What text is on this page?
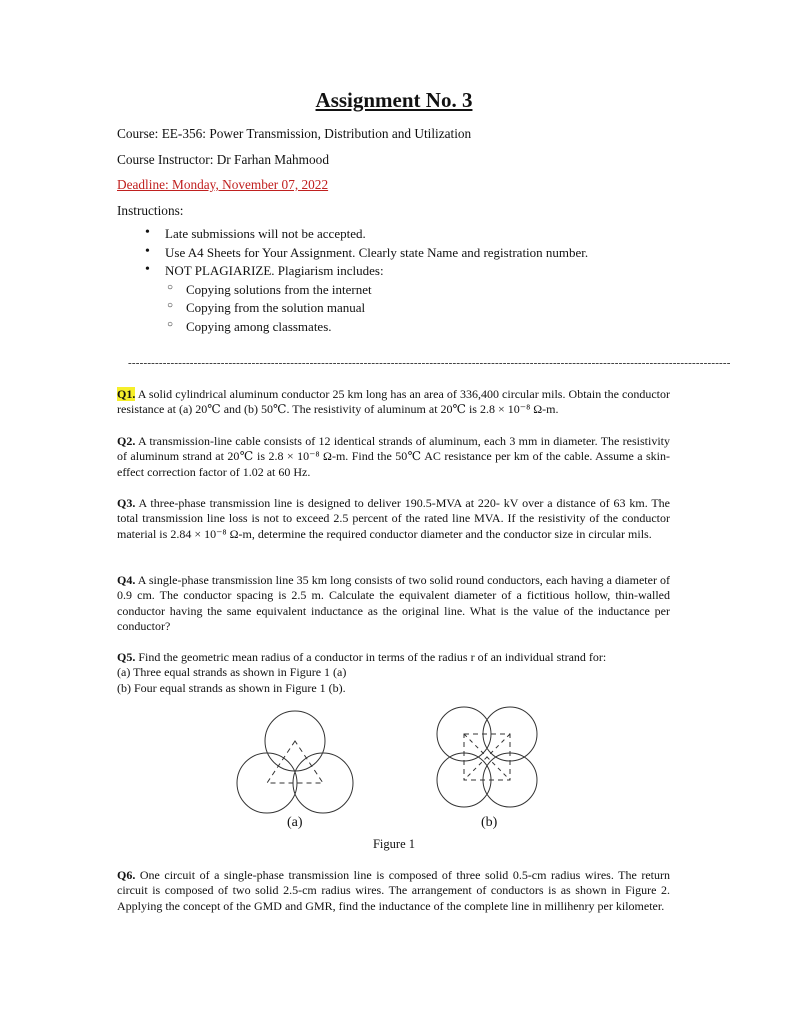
Assignment No. 3
Course: EE-356: Power Transmission, Distribution and Utilization
Course Instructor: Dr Farhan Mahmood
Deadline: Monday, November 07, 2022
Instructions:
• Late submissions will not be accepted.
• Use A4 Sheets for Your Assignment. Clearly state Name and registration number.
• NOT PLAGIARIZE. Plagiarism includes:
○ Copying solutions from the internet
○ Copying from the solution manual
○ Copying among classmates.
------------------------------------------------------------------------------------------------------------------------------------------------------------
Q1. A solid cylindrical aluminum conductor 25 km long has an area of 336,400 circular mils. Obtain the conductor resistance at (a) 20℃ and (b) 50℃. The resistivity of aluminum at 20℃ is 2.8 × 10⁻⁸ Ω-m.
Q2. A transmission-line cable consists of 12 identical strands of aluminum, each 3 mm in diameter. The resistivity of aluminum strand at 20℃ is 2.8 × 10⁻⁸ Ω-m. Find the 50℃ AC resistance per km of the cable. Assume a skin-effect correction factor of 1.02 at 60 Hz.
Q3. A three-phase transmission line is designed to deliver 190.5-MVA at 220- kV over a distance of 63 km. The total transmission line loss is not to exceed 2.5 percent of the rated line MVA. If the resistivity of the conductor material is 2.84 × 10⁻⁸ Ω-m, determine the required conductor diameter and the conductor size in circular mils.
Q4. A single-phase transmission line 35 km long consists of two solid round conductors, each having a diameter of 0.9 cm. The conductor spacing is 2.5 m. Calculate the equivalent diameter of a fictitious hollow, thin-walled conductor having the same equivalent inductance as the original line. What is the value of the inductance per conductor?
Q5. Find the geometric mean radius of a conductor in terms of the radius r of an individual strand for:
(a) Three equal strands as shown in Figure 1 (a)
(b) Four equal strands as shown in Figure 1 (b).
(a)	(b)
Figure 1
Q6. One circuit of a single-phase transmission line is composed of three solid 0.5-cm radius wires. The return circuit is composed of two solid 2.5-cm radius wires. The arrangement of conductors is as shown in Figure 2. Applying the concept of the GMD and GMR, find the inductance of the complete line in millihenry per kilometer.
